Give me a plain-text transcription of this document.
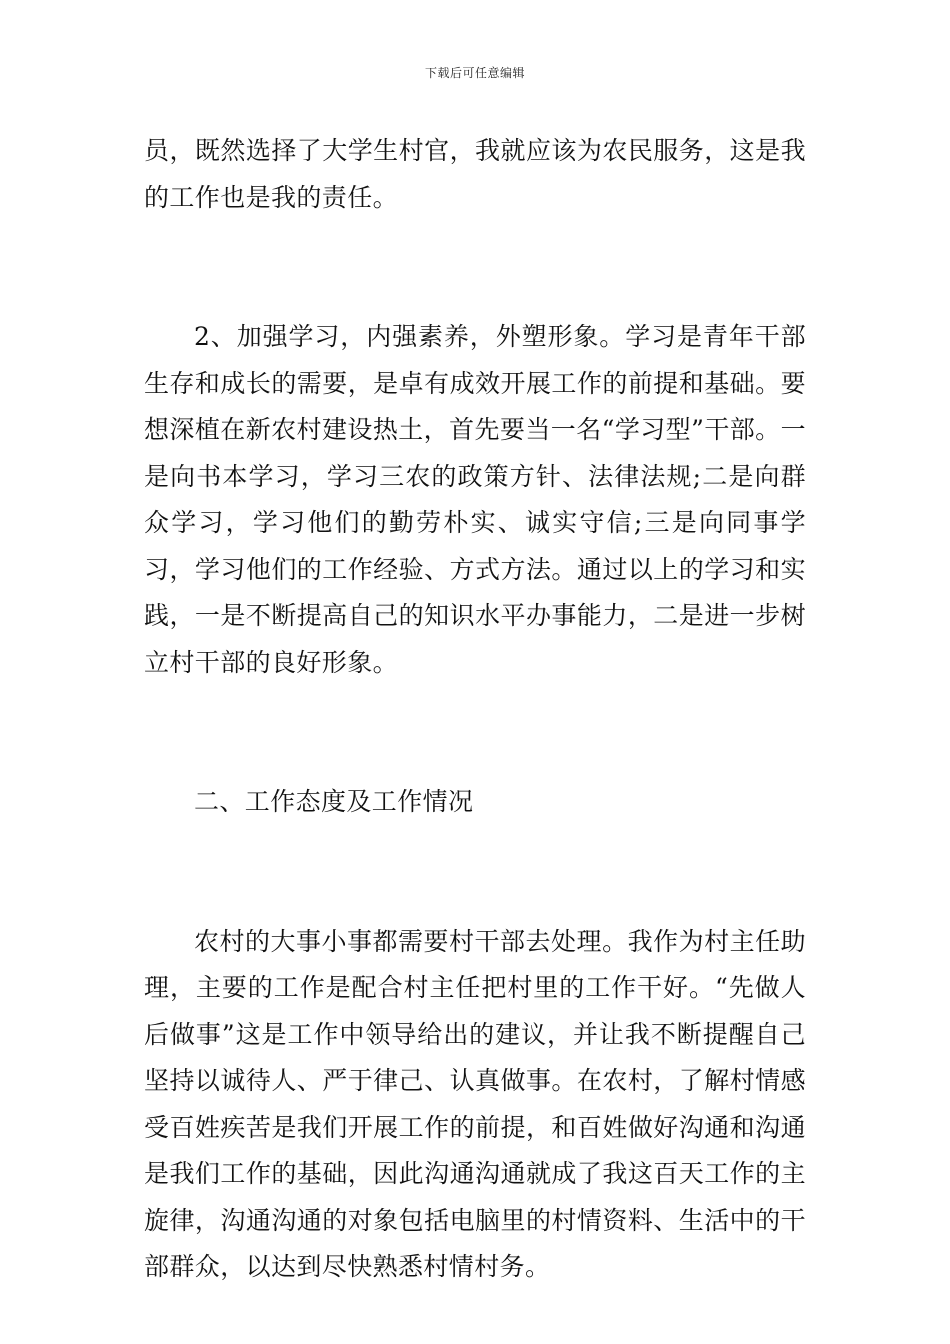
下载后可任意编辑

员，既然选择了大学生村官，我就应该为农民服务，这是我的工作也是我的责任。

2、加强学习，内强素养，外塑形象。学习是青年干部生存和成长的需要，是卓有成效开展工作的前提和基础。要想深植在新农村建设热土，首先要当一名“学习型”干部。一是向书本学习，学习三农的政策方针、法律法规;二是向群众学习，学习他们的勤劳朴实、诚实守信;三是向同事学习，学习他们的工作经验、方式方法。通过以上的学习和实践，一是不断提高自己的知识水平办事能力，二是进一步树立村干部的良好形象。

二、工作态度及工作情况

农村的大事小事都需要村干部去处理。我作为村主任助理，主要的工作是配合村主任把村里的工作干好。“先做人后做事”这是工作中领导给出的建议，并让我不断提醒自己坚持以诚待人、严于律己、认真做事。在农村，了解村情感受百姓疾苦是我们开展工作的前提，和百姓做好沟通和沟通是我们工作的基础，因此沟通沟通就成了我这百天工作的主旋律，沟通沟通的对象包括电脑里的村情资料、生活中的干部群众，以达到尽快熟悉村情村务。
